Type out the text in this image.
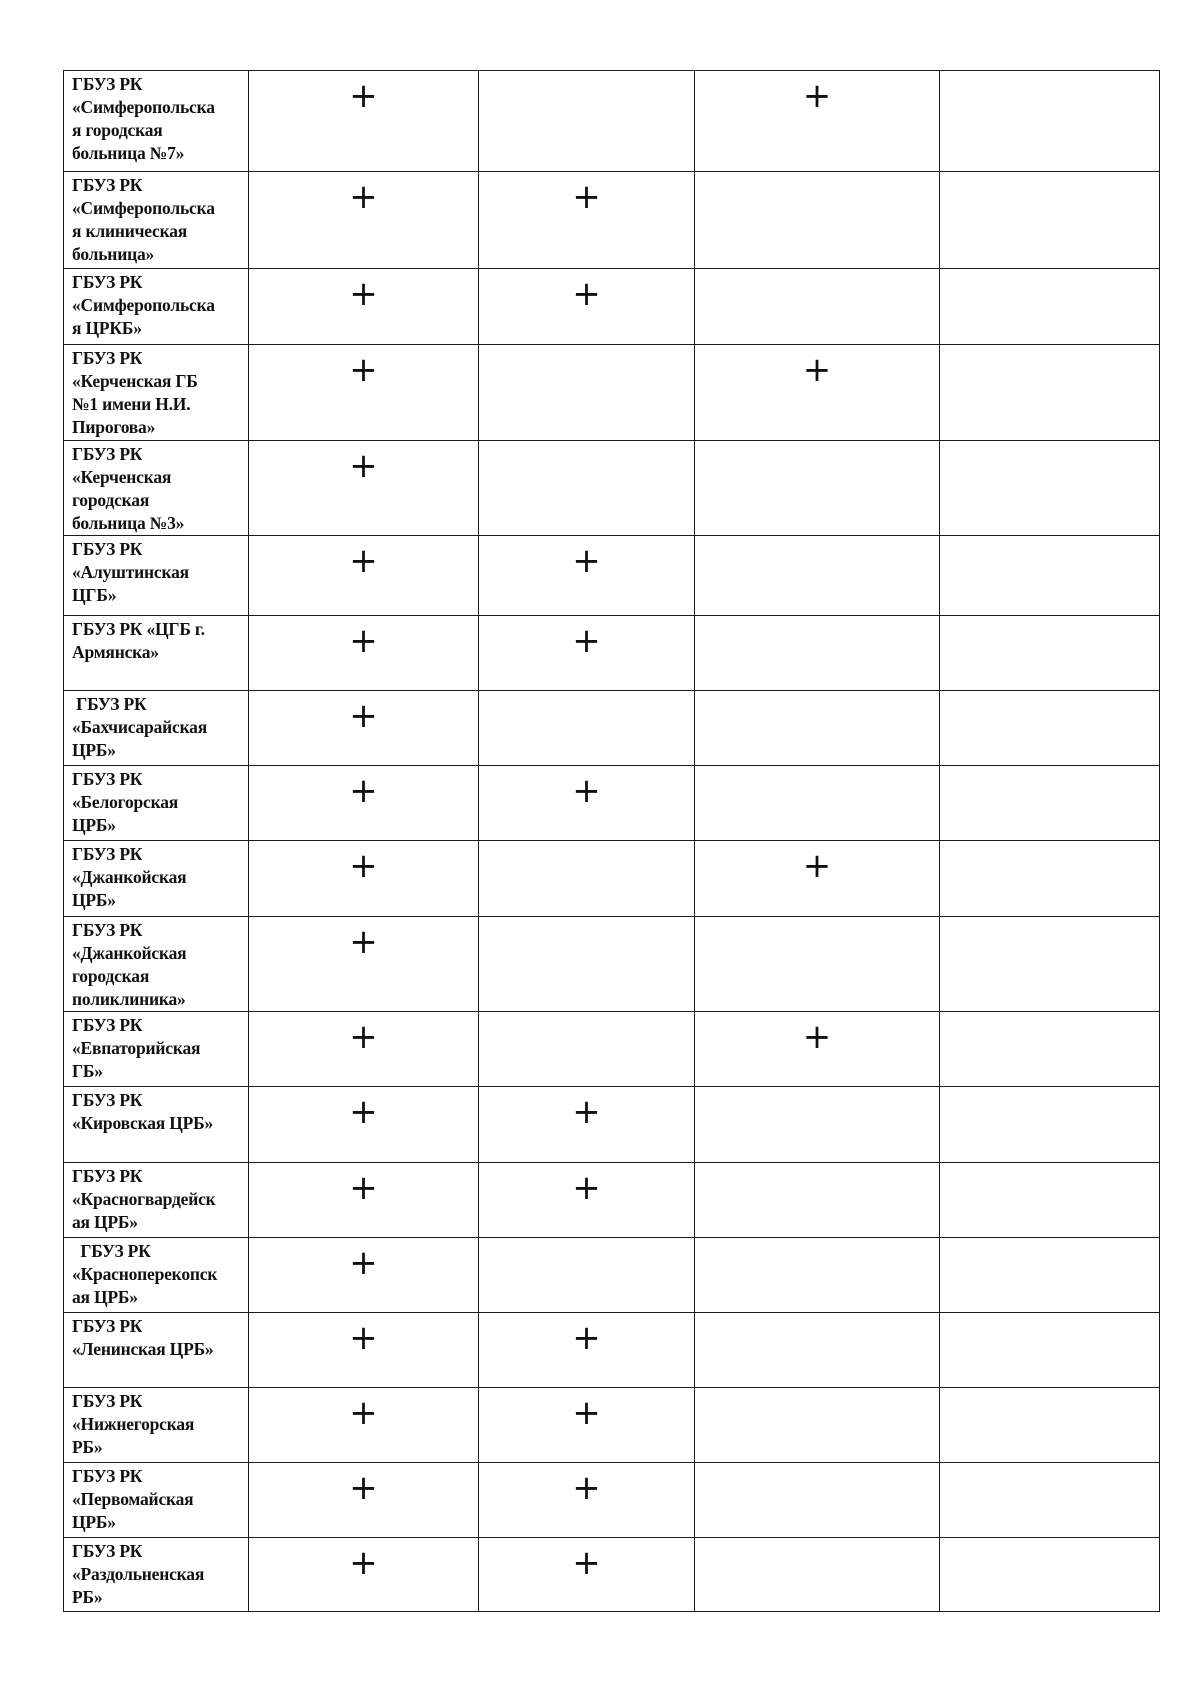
ГБУЗ РК
«Симферопольска
я городская
больница №7»	+		+	

ГБУЗ РК
«Симферопольска
я клиническая
больница»	+	+		

ГБУЗ РК
«Симферопольска
я ЦРКБ»	+	+		

ГБУЗ РК
«Керченская ГБ
№1 имени Н.И.
Пирогова»	+		+	

ГБУЗ РК
«Керченская
городская
больница №3»	+			

ГБУЗ РК
«Алуштинская
ЦГБ»	+	+		

ГБУЗ РК «ЦГБ г.
Армянска»	+	+		

ГБУЗ РК
«Бахчисарайская
ЦРБ»	+			

ГБУЗ РК
«Белогорская
ЦРБ»	+	+		

ГБУЗ РК
«Джанкойская
ЦРБ»	+		+	

ГБУЗ РК
«Джанкойская
городская
поликлиника»	+			

ГБУЗ РК
«Евпаторийская
ГБ»	+		+	

ГБУЗ РК
«Кировская ЦРБ»	+	+		

ГБУЗ РК
«Красногвардейск
ая ЦРБ»	+	+		

ГБУЗ РК
«Красноперекопск
ая ЦРБ»	+			

ГБУЗ РК
«Ленинская ЦРБ»	+	+		

ГБУЗ РК
«Нижнегорская
РБ»	+	+		

ГБУЗ РК
«Первомайская
ЦРБ»	+	+		

ГБУЗ РК
«Раздольненская
РБ»	+	+		
